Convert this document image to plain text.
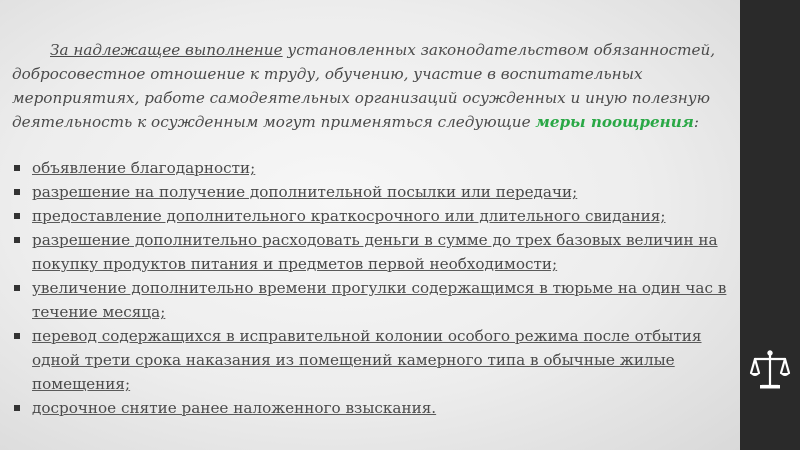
За надлежащее выполнение установленных законодательством обязанностей, добросовестное отношение к труду, обучению, участие в воспитательных мероприятиях, работе самодеятельных организаций осужденных и иную полезную деятельность к осужденным могут применяться следующие меры поощрения:

объявление благодарности;
разрешение на получение дополнительной посылки или передачи;
предоставление дополнительного краткосрочного или длительного свидания;
разрешение дополнительно расходовать деньги в сумме до трех базовых величин на покупку продуктов питания и предметов первой необходимости;
увеличение дополнительно времени прогулки содержащимся в тюрьме на один час в течение месяца;
перевод содержащихся в исправительной колонии особого режима после отбытия одной трети срока наказания из помещений камерного типа в обычные жилые помещения;
досрочное снятие ранее наложенного взыскания.
